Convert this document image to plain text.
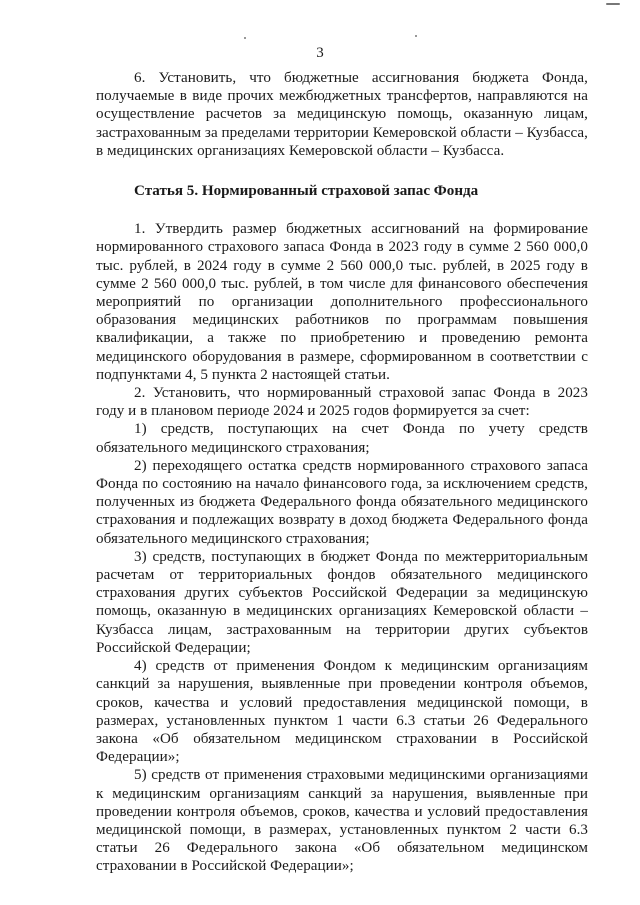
3

6. Установить, что бюджетные ассигнования бюджета Фонда, получаемые в виде прочих межбюджетных трансфертов, направляются на осуществление расчетов за медицинскую помощь, оказанную лицам, застрахованным за пределами территории Кемеровской области – Кузбасса, в медицинских организациях Кемеровской области – Кузбасса.

Статья 5. Нормированный страховой запас Фонда

1. Утвердить размер бюджетных ассигнований на формирование нормированного страхового запаса Фонда в 2023 году в сумме 2 560 000,0 тыс. рублей, в 2024 году в сумме 2 560 000,0 тыс. рублей, в 2025 году в сумме 2 560 000,0 тыс. рублей, в том числе для финансового обеспечения мероприятий по организации дополнительного профессионального образования медицинских работников по программам повышения квалификации, а также по приобретению и проведению ремонта медицинского оборудования в размере, сформированном в соответствии с подпунктами 4, 5 пункта 2 настоящей статьи.

2. Установить, что нормированный страховой запас Фонда в 2023 году и в плановом периоде 2024 и 2025 годов формируется за счет:

1) средств, поступающих на счет Фонда по учету средств обязательного медицинского страхования;

2) переходящего остатка средств нормированного страхового запаса Фонда по состоянию на начало финансового года, за исключением средств, полученных из бюджета Федерального фонда обязательного медицинского страхования и подлежащих возврату в доход бюджета Федерального фонда обязательного медицинского страхования;

3) средств, поступающих в бюджет Фонда по межтерриториальным расчетам от территориальных фондов обязательного медицинского страхования других субъектов Российской Федерации за медицинскую помощь, оказанную в медицинских организациях Кемеровской области – Кузбасса лицам, застрахованным на территории других субъектов Российской Федерации;

4) средств от применения Фондом к медицинским организациям санкций за нарушения, выявленные при проведении контроля объемов, сроков, качества и условий предоставления медицинской помощи, в размерах, установленных пунктом 1 части 6.3 статьи 26 Федерального закона «Об обязательном медицинском страховании в Российской Федерации»;

5) средств от применения страховыми медицинскими организациями к медицинским организациям санкций за нарушения, выявленные при проведении контроля объемов, сроков, качества и условий предоставления медицинской помощи, в размерах, установленных пунктом 2 части 6.3 статьи 26 Федерального закона «Об обязательном медицинском страховании в Российской Федерации»;
